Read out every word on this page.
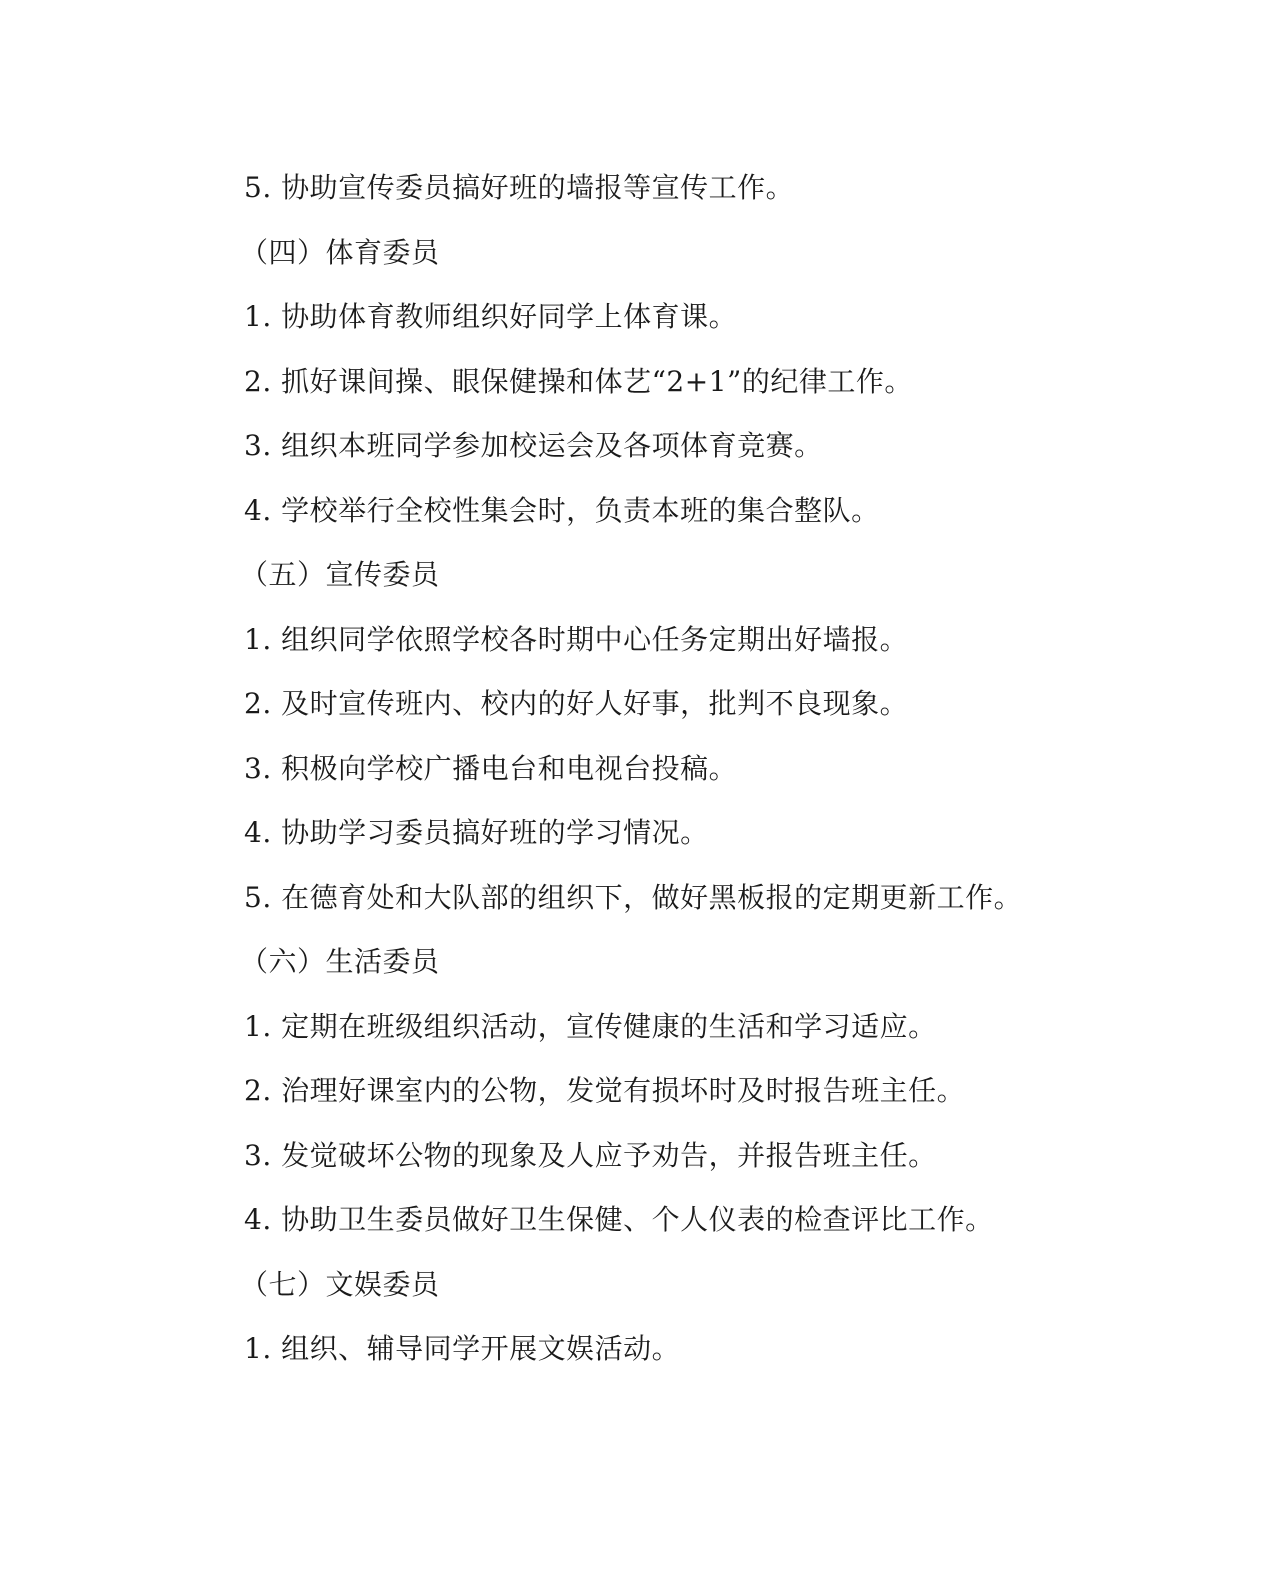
5. 协助宣传委员搞好班的墙报等宣传工作。
（四）体育委员
1. 协助体育教师组织好同学上体育课。
2. 抓好课间操、眼保健操和体艺“2+1”的纪律工作。
3. 组织本班同学参加校运会及各项体育竞赛。
4. 学校举行全校性集会时，负责本班的集合整队。
（五）宣传委员
1. 组织同学依照学校各时期中心任务定期出好墙报。
2. 及时宣传班内、校内的好人好事，批判不良现象。
3. 积极向学校广播电台和电视台投稿。
4. 协助学习委员搞好班的学习情况。
5. 在德育处和大队部的组织下，做好黑板报的定期更新工作。
（六）生活委员
1. 定期在班级组织活动，宣传健康的生活和学习适应。
2. 治理好课室内的公物，发觉有损坏时及时报告班主任。
3. 发觉破坏公物的现象及人应予劝告，并报告班主任。
4. 协助卫生委员做好卫生保健、个人仪表的检查评比工作。
（七）文娱委员
1. 组织、辅导同学开展文娱活动。
